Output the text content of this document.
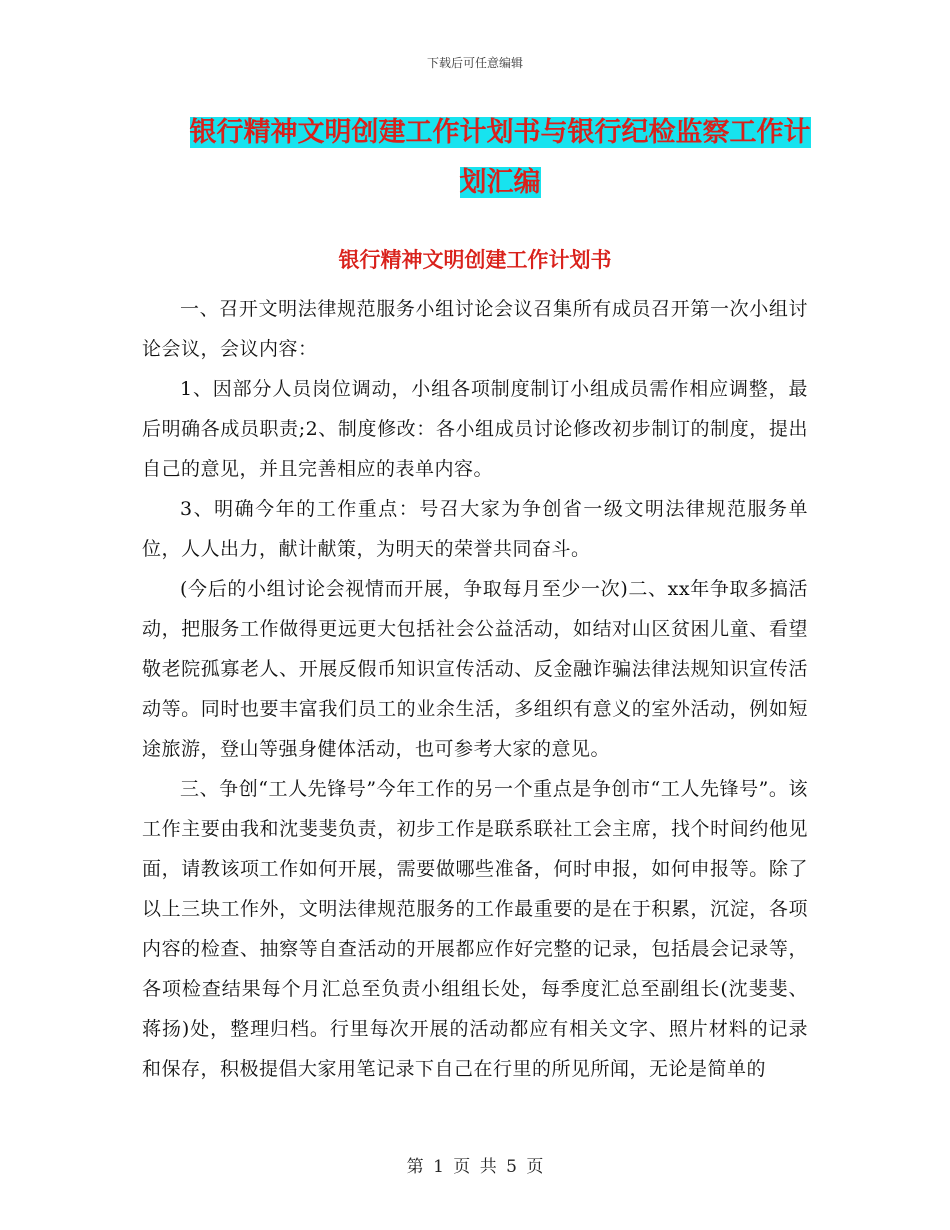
下载后可任意编辑
银行精神文明创建工作计划书与银行纪检监察工作计
划汇编
银行精神文明创建工作计划书

一、召开文明法律规范服务小组讨论会议召集所有成员召开第一次小组讨论会议，会议内容：

1、因部分人员岗位调动，小组各项制度制订小组成员需作相应调整，最后明确各成员职责;2、制度修改：各小组成员讨论修改初步制订的制度，提出自己的意见，并且完善相应的表单内容。

3、明确今年的工作重点：号召大家为争创省一级文明法律规范服务单位，人人出力，献计献策，为明天的荣誉共同奋斗。

(今后的小组讨论会视情而开展，争取每月至少一次)二、xx年争取多搞活动，把服务工作做得更远更大包括社会公益活动，如结对山区贫困儿童、看望敬老院孤寡老人、开展反假币知识宣传活动、反金融诈骗法律法规知识宣传活动等。同时也要丰富我们员工的业余生活，多组织有意义的室外活动，例如短途旅游，登山等强身健体活动，也可参考大家的意见。

三、争创“工人先锋号”今年工作的另一个重点是争创市“工人先锋号”。该工作主要由我和沈斐斐负责，初步工作是联系联社工会主席，找个时间约他见面，请教该项工作如何开展，需要做哪些准备，何时申报，如何申报等。除了以上三块工作外，文明法律规范服务的工作最重要的是在于积累，沉淀，各项内容的检查、抽察等自查活动的开展都应作好完整的记录，包括晨会记录等，各项检查结果每个月汇总至负责小组组长处，每季度汇总至副组长(沈斐斐、蒋扬)处，整理归档。行里每次开展的活动都应有相关文字、照片材料的记录和保存，积极提倡大家用笔记录下自己在行里的所见所闻，无论是简单的

第 1 页 共 5 页
